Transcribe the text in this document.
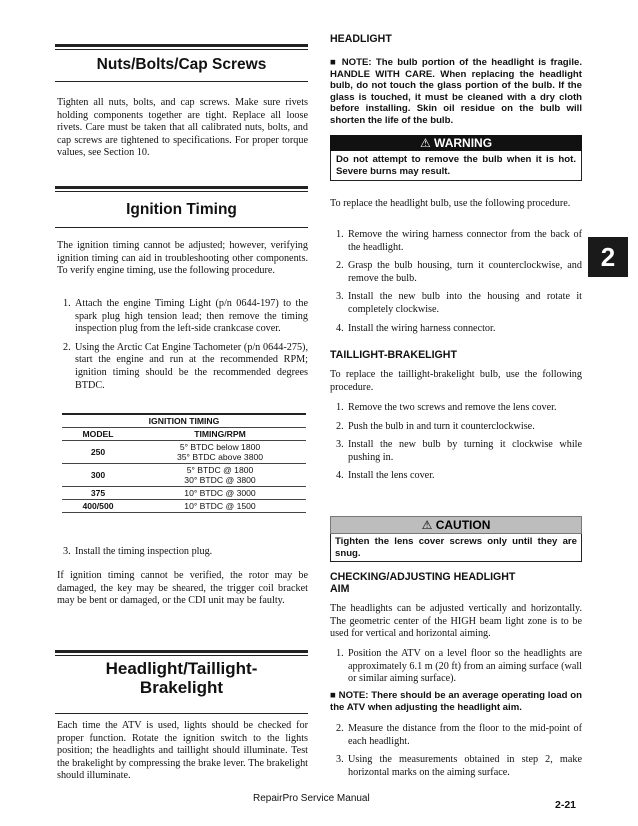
Nuts/Bolts/Cap Screws
Tighten all nuts, bolts, and cap screws. Make sure rivets holding components together are tight. Replace all loose rivets. Care must be taken that all calibrated nuts, bolts, and cap screws are tightened to specifications. For proper torque values, see Section 10.
Ignition Timing
The ignition timing cannot be adjusted; however, verifying ignition timing can aid in troubleshooting other components. To verify engine timing, use the following procedure.
1. Attach the engine Timing Light (p/n 0644-197) to the spark plug high tension lead; then remove the timing inspection plug from the left-side crankcase cover.
2. Using the Arctic Cat Engine Tachometer (p/n 0644-275), start the engine and run at the recommended RPM; ignition timing should be the recommended degrees BTDC.
IGNITION TIMING	
MODEL	TIMING/RPM
250	5° BTDC below 1800
35° BTDC above 3800

300	5° BTDC @ 1800
30° BTDC @ 3800

375	10° BTDC @ 3000

400/500	10° BTDC @ 1500
3. Install the timing inspection plug.
If ignition timing cannot be verified, the rotor may be damaged, the key may be sheared, the trigger coil bracket may be bent or damaged, or the CDI unit may be faulty.
Headlight/Taillight-
Brakelight
Each time the ATV is used, lights should be checked for proper function. Rotate the ignition switch to the lights position; the headlights and taillight should illuminate. Test the brakelight by compressing the brake lever. The brakelight should illuminate.
HEADLIGHT
■ NOTE: The bulb portion of the headlight is fragile. HANDLE WITH CARE. When replacing the headlight bulb, do not touch the glass portion of the bulb. If the glass is touched, it must be cleaned with a dry cloth before installing. Skin oil residue on the bulb will shorten the life of the bulb.
⚠ WARNING
Do not attempt to remove the bulb when it is hot. Severe burns may result.
To replace the headlight bulb, use the following procedure.
1. Remove the wiring harness connector from the back of the headlight.
2. Grasp the bulb housing, turn it counterclockwise, and remove the bulb.
3. Install the new bulb into the housing and rotate it completely clockwise.
4. Install the wiring harness connector.
TAILLIGHT-BRAKELIGHT
To replace the taillight-brakelight bulb, use the following procedure.
1. Remove the two screws and remove the lens cover.
2. Push the bulb in and turn it counterclockwise.
3. Install the new bulb by turning it clockwise while pushing in.
4. Install the lens cover.
⚠ CAUTION
Tighten the lens cover screws only until they are snug.
CHECKING/ADJUSTING HEADLIGHT
AIM
The headlights can be adjusted vertically and horizontally. The geometric center of the HIGH beam light zone is to be used for vertical and horizontal aiming.
1. Position the ATV on a level floor so the headlights are approximately 6.1 m (20 ft) from an aiming surface (wall or similar aiming surface).
■ NOTE: There should be an average operating load on the ATV when adjusting the headlight aim.
2. Measure the distance from the floor to the mid-point of each headlight.
3. Using the measurements obtained in step 2, make horizontal marks on the aiming surface.
2
RepairPro Service Manual
2-21
